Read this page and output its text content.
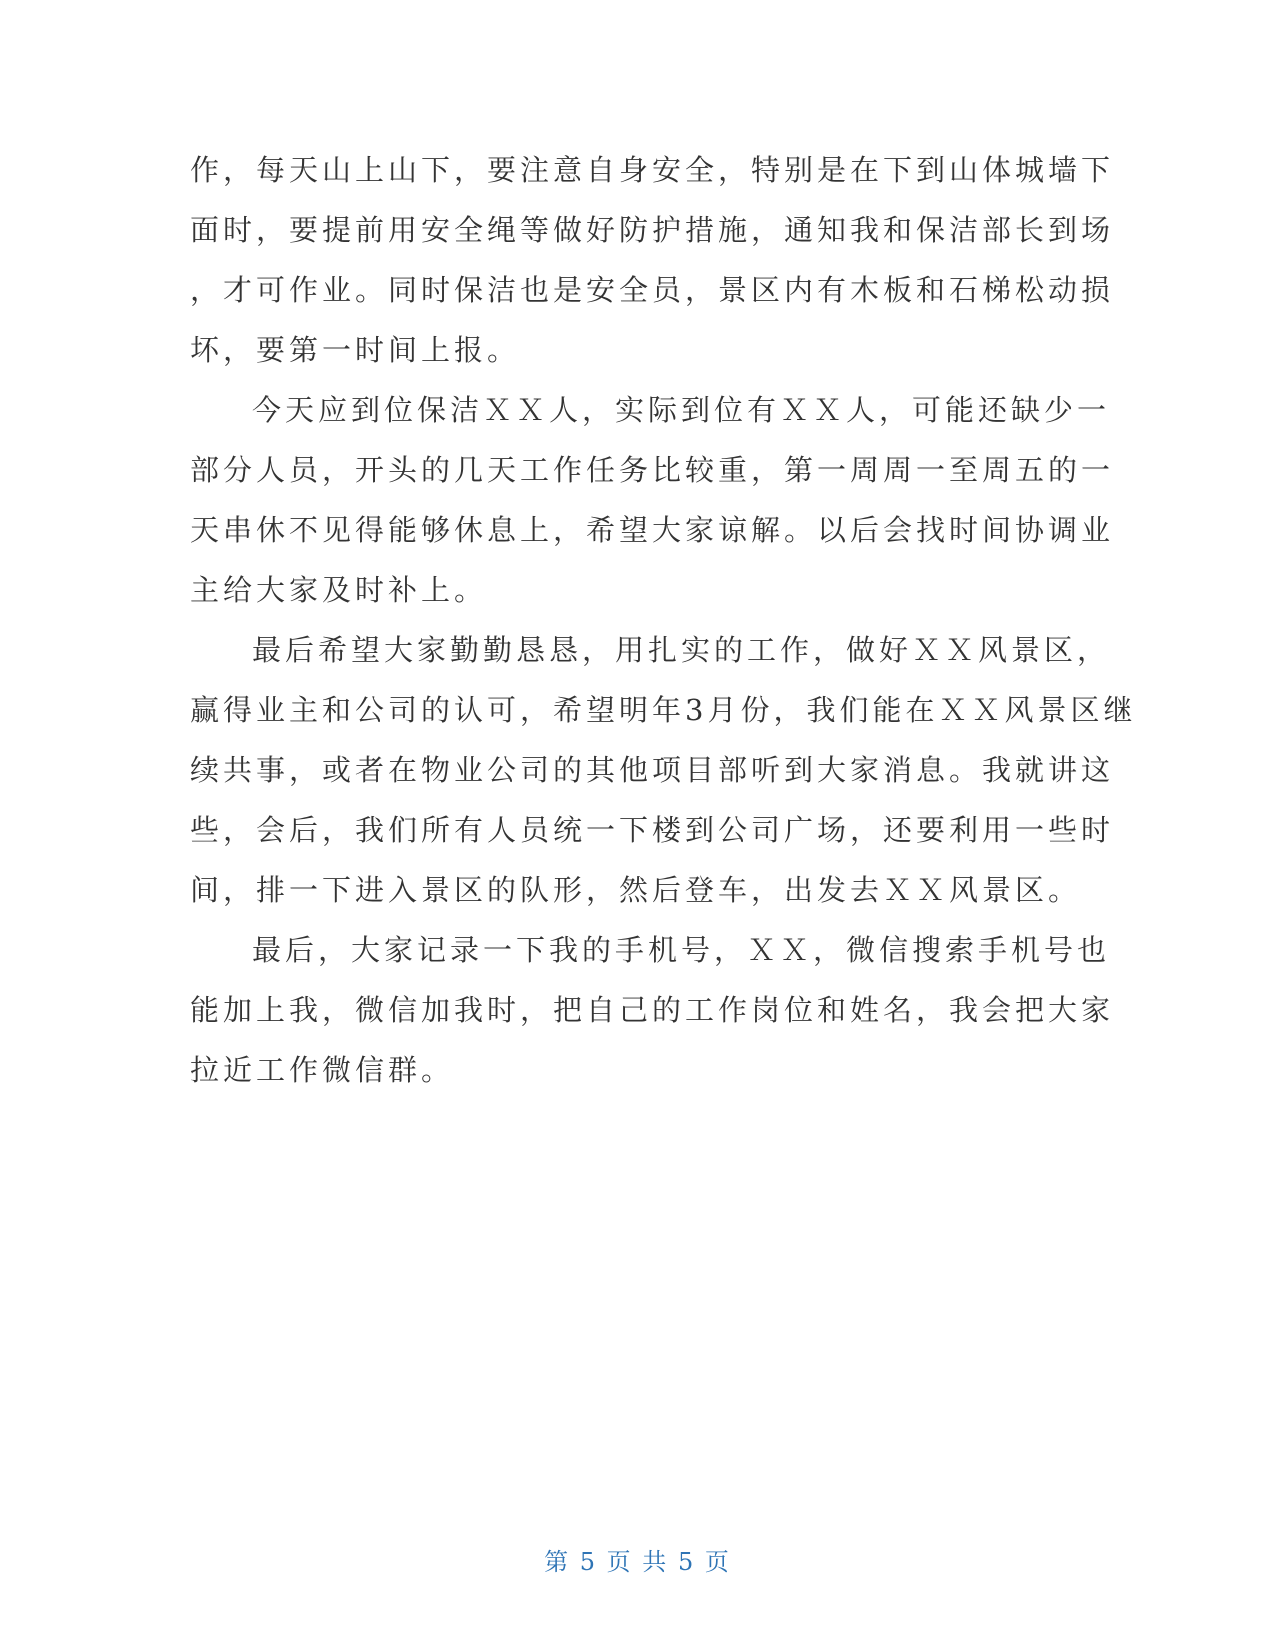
作，每天山上山下，要注意自身安全，特别是在下到山体城墙下
面时，要提前用安全绳等做好防护措施，通知我和保洁部长到场
，才可作业。同时保洁也是安全员，景区内有木板和石梯松动损
坏，要第一时间上报。
今天应到位保洁ＸＸ人，实际到位有ＸＸ人，可能还缺少一
部分人员，开头的几天工作任务比较重，第一周周一至周五的一
天串休不见得能够休息上，希望大家谅解。以后会找时间协调业
主给大家及时补上。
最后希望大家勤勤恳恳，用扎实的工作，做好ＸＸ风景区，
赢得业主和公司的认可，希望明年3月份，我们能在ＸＸ风景区继
续共事，或者在物业公司的其他项目部听到大家消息。我就讲这
些，会后，我们所有人员统一下楼到公司广场，还要利用一些时
间，排一下进入景区的队形，然后登车，出发去ＸＸ风景区。
最后，大家记录一下我的手机号，ＸＸ，微信搜索手机号也
能加上我，微信加我时，把自己的工作岗位和姓名，我会把大家
拉近工作微信群。
第 5 页 共 5 页
